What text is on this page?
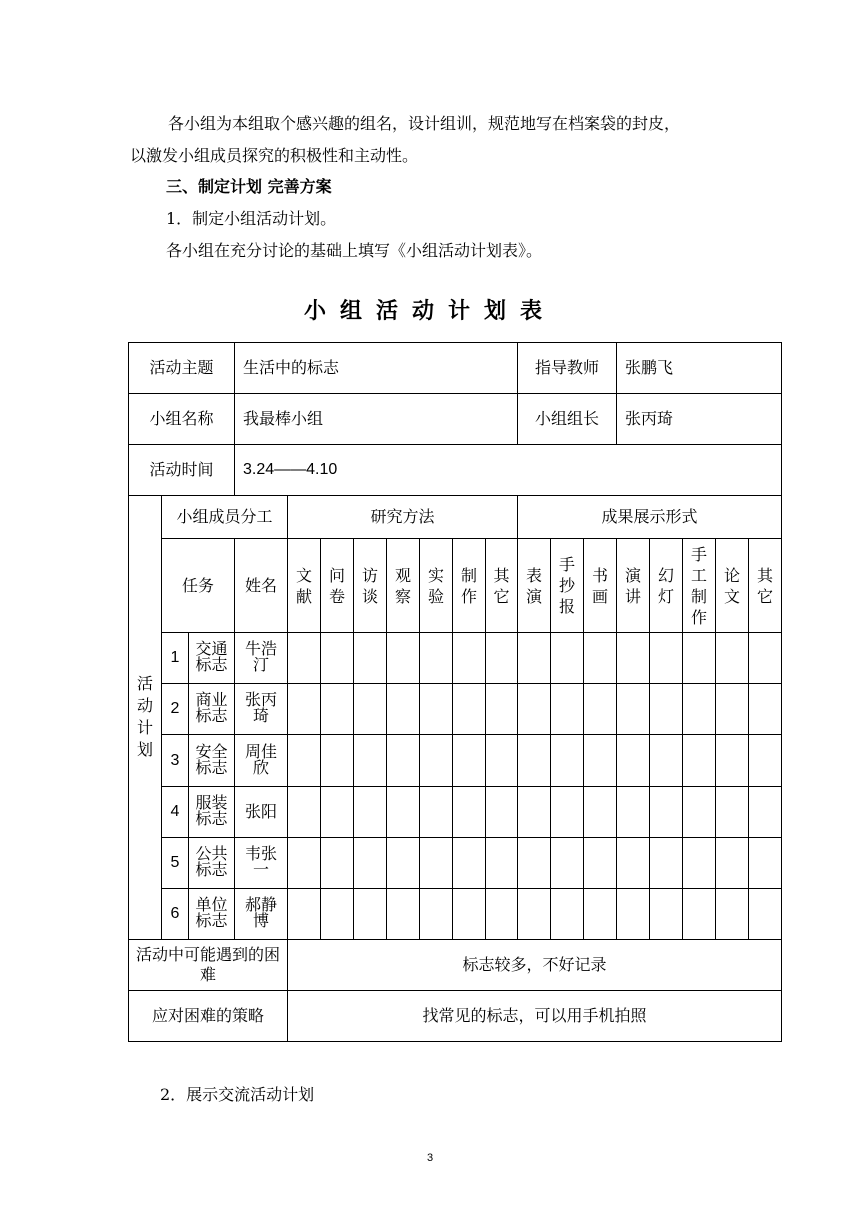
各小组为本组取个感兴趣的组名，设计组训，规范地写在档案袋的封皮，
以激发小组成员探究的积极性和主动性。
三、制定计划 完善方案
1．制定小组活动计划。
各小组在充分讨论的基础上填写《小组活动计划表》。
小组活动计划表
活动主题			生活中的标志								指导教师			张鹏飞				
小组名称			我最棒小组								小组组长			张丙琦				
活动时间			3.24——4.10															
活动计划	小组成员分工			研究方法							成果展示形式							
	任务		姓名	文献	问卷	访谈	观察	实验	制作	其它	表演	手抄报	书画	演讲	幻灯	手工制作	论文	其它
	1	交通标志	牛浩汀															
	2	商业标志	张丙琦															
	3	安全标志	周佳欣															
	4	服装标志	张阳															
	5	公共标志	韦张一															
	6	单位标志	郝静博															
活动中可能遇到的困难				标志较多，不好记录														
应对困难的策略				找常见的标志，可以用手机拍照														
2．展示交流活动计划
3
